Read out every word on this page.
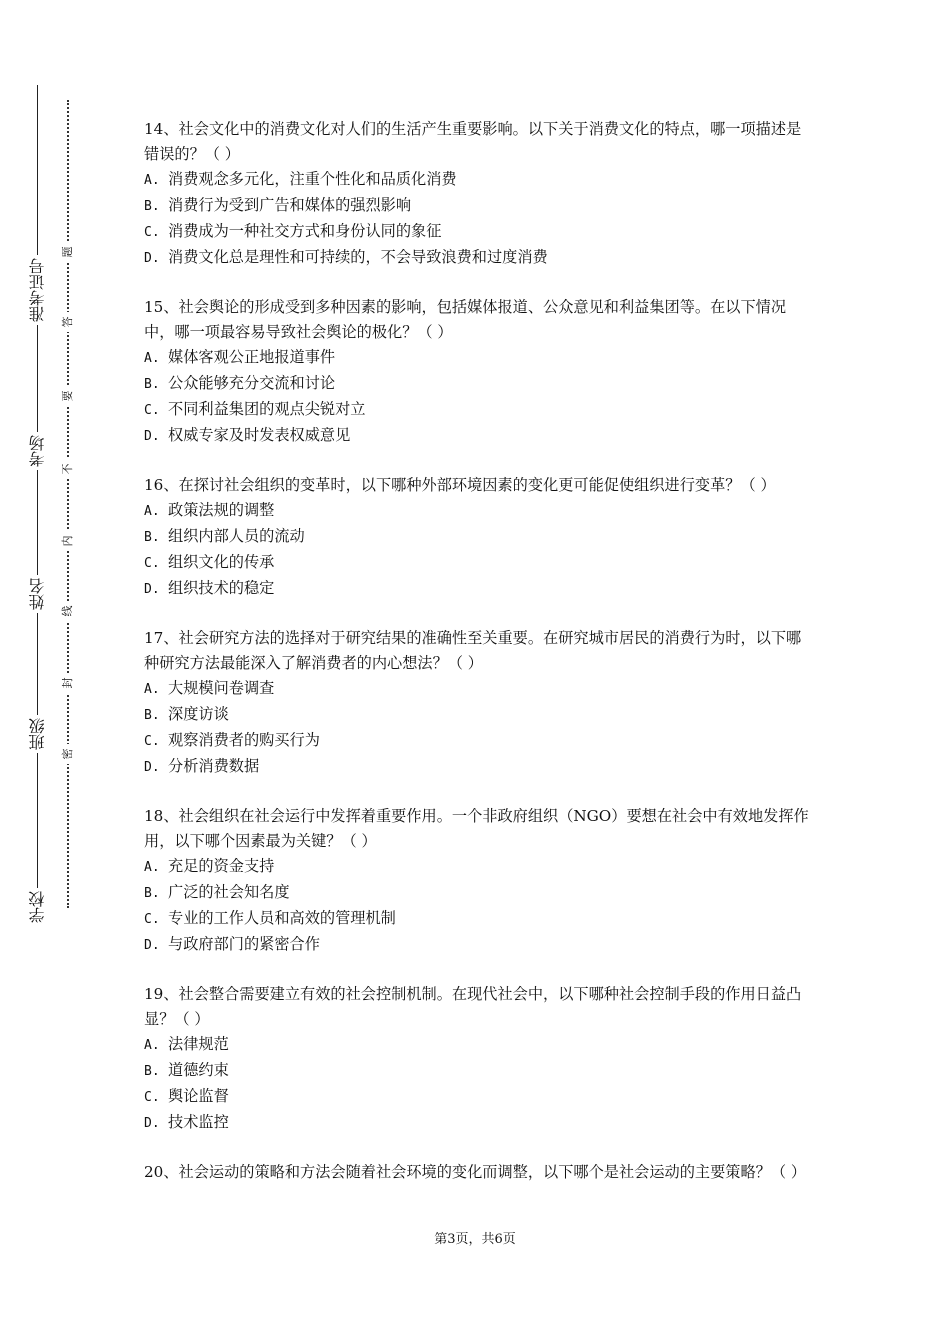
准考证号
考场
姓名
班级
学校
题
答
要
不
内
线
封
密

14、社会文化中的消费文化对人们的生活产生重要影响。以下关于消费文化的特点，哪一项描述是错误的？（ ）

A. 消费观念多元化，注重个性化和品质化消费

B. 消费行为受到广告和媒体的强烈影响

C. 消费成为一种社交方式和身份认同的象征

D. 消费文化总是理性和可持续的，不会导致浪费和过度消费

15、社会舆论的形成受到多种因素的影响，包括媒体报道、公众意见和利益集团等。在以下情况中，哪一项最容易导致社会舆论的极化？（ ）

A. 媒体客观公正地报道事件

B. 公众能够充分交流和讨论

C. 不同利益集团的观点尖锐对立

D. 权威专家及时发表权威意见

16、在探讨社会组织的变革时，以下哪种外部环境因素的变化更可能促使组织进行变革？（ ）

A. 政策法规的调整

B. 组织内部人员的流动

C. 组织文化的传承

D. 组织技术的稳定

17、社会研究方法的选择对于研究结果的准确性至关重要。在研究城市居民的消费行为时，以下哪种研究方法最能深入了解消费者的内心想法？（ ）

A. 大规模问卷调查

B. 深度访谈

C. 观察消费者的购买行为

D. 分析消费数据

18、社会组织在社会运行中发挥着重要作用。一个非政府组织（NGO）要想在社会中有效地发挥作用，以下哪个因素最为关键？（ ）

A. 充足的资金支持

B. 广泛的社会知名度

C. 专业的工作人员和高效的管理机制

D. 与政府部门的紧密合作

19、社会整合需要建立有效的社会控制机制。在现代社会中，以下哪种社会控制手段的作用日益凸显？（ ）

A. 法律规范

B. 道德约束

C. 舆论监督

D. 技术监控

20、社会运动的策略和方法会随着社会环境的变化而调整，以下哪个是社会运动的主要策略？（ ）

第3页，共6页
